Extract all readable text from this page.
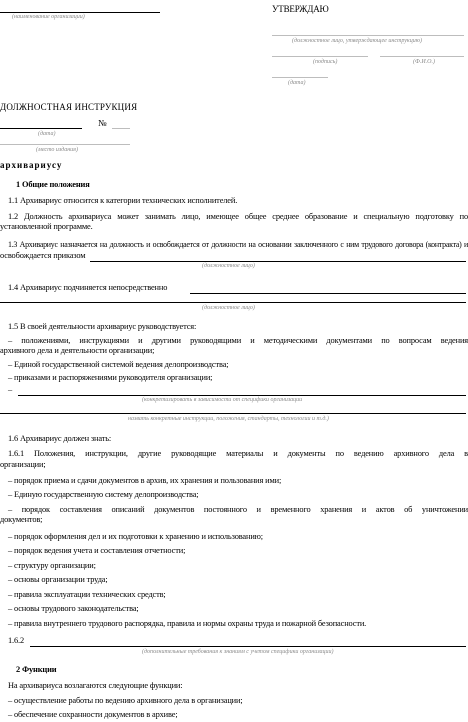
(наименование организации)
УТВЕРЖДАЮ
(должностное лицо, утверждающее инструкцию)
(подпись)	(Ф.И.О.)
(дата)
ДОЛЖНОСТНАЯ ИНСТРУКЦИЯ
№
(дата)
(место издания)
архивариусу
1 Общие положения
1.1 Архивариус относится к категории технических исполнителей.
1.2 Должность архивариуса может занимать лицо, имеющее общее среднее образование и специальную подготовку по
установленной программе.
1.3 Архивариус назначается на должность и освобождается от должности на основании заключенного с ним трудового договора (контракта) и
освобождается приказом
(должностное лицо)
1.4 Архивариус подчиняется непосредственно
(должностное лицо)
1.5 В своей деятельности архивариус руководствуется:
– положениями, инструкциями и другими руководящими и методическими документами по вопросам ведения
архивного дела и деятельности организации;
– Единой государственной системой ведения делопроизводства;
– приказами и распоряжениями руководителя организации;
–
(конкретизировать в зависимости от специфики организации
назвать конкретные инструкции, положения, стандарты, технологии и т.д.)
1.6 Архивариус должен знать:
1.6.1 Положения, инструкции, другие руководящие материалы и документы по ведению архивного дела в
организации;
– порядок приема и сдачи документов в архив, их хранения и пользования ими;
– Единую государственную систему делопроизводства;
– порядок составления описаний документов постоянного и временного хранения и актов об уничтожении
документов;
– порядок оформления дел и их подготовки к хранению и использованию;
– порядок ведения учета и составления отчетности;
– структуру организации;
– основы организации труда;
– правила эксплуатации технических средств;
– основы трудового законодательства;
– правила внутреннего трудового распорядка, правила и нормы охраны труда и пожарной безопасности.
1.6.2
(дополнительные требования к знаниям с учетом специфики организации)
2 Функции
На архивариуса возлагаются следующие функции:
– осуществление работы по ведению архивного дела в организации;
– обеспечение сохранности документов в архиве;
